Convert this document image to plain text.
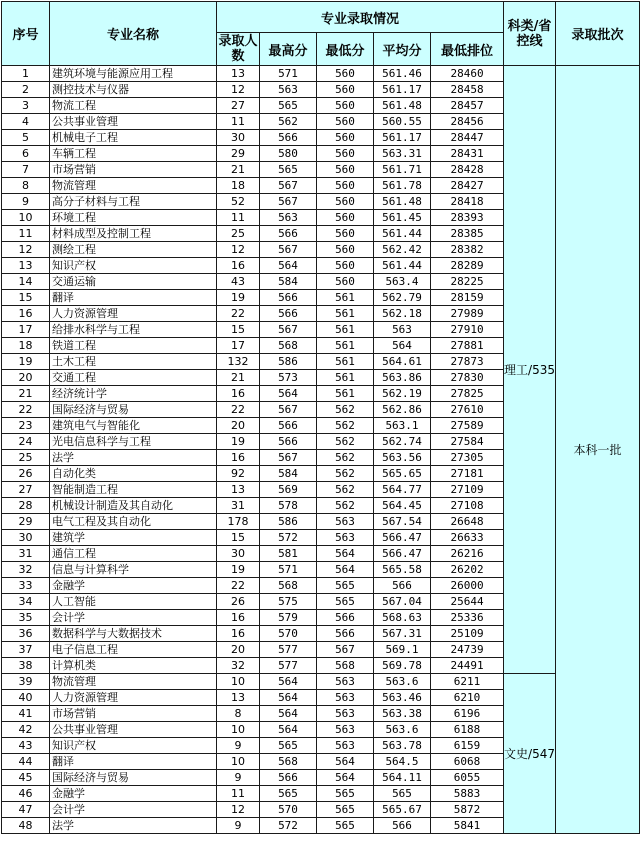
序号	专业名称	专业录取情况					科类/省控线	录取批次
		录取人数	最高分	最低分	平均分	最低排位		
1	建筑环境与能源应用工程	13	571	560	561.46	28460	理工/535	本科一批
2	测控技术与仪器	12	563	560	561.17	28458		
3	物流工程	27	565	560	561.48	28457		
4	公共事业管理	11	562	560	560.55	28456		
5	机械电子工程	30	566	560	561.17	28447		
6	车辆工程	29	580	560	563.31	28431		
7	市场营销	21	565	560	561.71	28428		
8	物流管理	18	567	560	561.78	28427		
9	高分子材料与工程	52	567	560	561.48	28418		
10	环境工程	11	563	560	561.45	28393		
11	材料成型及控制工程	25	566	560	561.44	28385		
12	测绘工程	12	567	560	562.42	28382		
13	知识产权	16	564	560	561.44	28289		
14	交通运输	43	584	560	563.4	28225		
15	翻译	19	566	561	562.79	28159		
16	人力资源管理	22	566	561	562.18	27989		
17	给排水科学与工程	15	567	561	563	27910		
18	铁道工程	17	568	561	564	27881		
19	土木工程	132	586	561	564.61	27873		
20	交通工程	21	573	561	563.86	27830		
21	经济统计学	16	564	561	562.19	27825		
22	国际经济与贸易	22	567	562	562.86	27610		
23	建筑电气与智能化	20	566	562	563.1	27589		
24	光电信息科学与工程	19	566	562	562.74	27584		
25	法学	16	567	562	563.56	27305		
26	自动化类	92	584	562	565.65	27181		
27	智能制造工程	13	569	562	564.77	27109		
28	机械设计制造及其自动化	31	578	562	564.45	27108		
29	电气工程及其自动化	178	586	563	567.54	26648		
30	建筑学	15	572	563	566.47	26633		
31	通信工程	30	581	564	566.47	26216		
32	信息与计算科学	19	571	564	565.58	26202		
33	金融学	22	568	565	566	26000		
34	人工智能	26	575	565	567.04	25644		
35	会计学	16	579	566	568.63	25336		
36	数据科学与大数据技术	16	570	566	567.31	25109		
37	电子信息工程	20	577	567	569.1	24739		
38	计算机类	32	577	568	569.78	24491		
39	物流管理	10	564	563	563.6	6211	文史/547	
40	人力资源管理	13	564	563	563.46	6210		
41	市场营销	8	564	563	563.38	6196		
42	公共事业管理	10	564	563	563.6	6188		
43	知识产权	9	565	563	563.78	6159		
44	翻译	10	568	564	564.5	6068		
45	国际经济与贸易	9	566	564	564.11	6055		
46	金融学	11	565	565	565	5883		
47	会计学	12	570	565	565.67	5872		
48	法学	9	572	565	566	5841		
